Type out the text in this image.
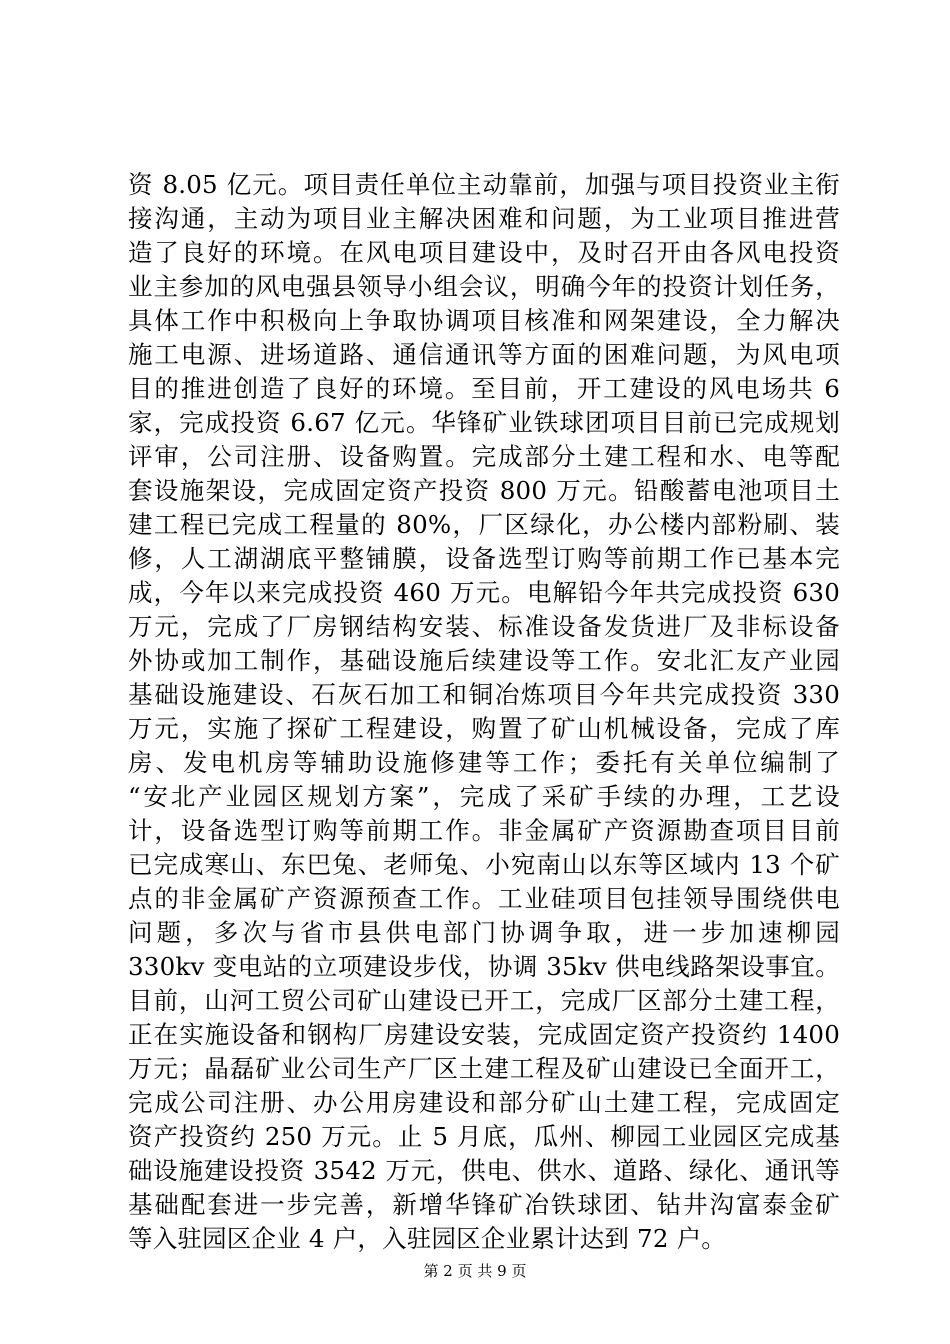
资 8.05 亿元。项目责任单位主动靠前，加强与项目投资业主衔
接沟通，主动为项目业主解决困难和问题，为工业项目推进营
造了良好的环境。在风电项目建设中，及时召开由各风电投资
业主参加的风电强县领导小组会议，明确今年的投资计划任务，
具体工作中积极向上争取协调项目核准和网架建设，全力解决
施工电源、进场道路、通信通讯等方面的困难问题，为风电项
目的推进创造了良好的环境。至目前，开工建设的风电场共 6
家，完成投资 6.67 亿元。华锋矿业铁球团项目目前已完成规划
评审，公司注册、设备购置。完成部分土建工程和水、电等配
套设施架设，完成固定资产投资 800 万元。铅酸蓄电池项目土
建工程已完成工程量的 80%，厂区绿化，办公楼内部粉刷、装
修，人工湖湖底平整铺膜，设备选型订购等前期工作已基本完
成，今年以来完成投资 460 万元。电解铅今年共完成投资 630
万元，完成了厂房钢结构安装、标准设备发货进厂及非标设备
外协或加工制作，基础设施后续建设等工作。安北汇友产业园
基础设施建设、石灰石加工和铜冶炼项目今年共完成投资 330
万元，实施了探矿工程建设，购置了矿山机械设备，完成了库
房、发电机房等辅助设施修建等工作；委托有关单位编制了
“安北产业园区规划方案”，完成了采矿手续的办理，工艺设
计，设备选型订购等前期工作。非金属矿产资源勘查项目目前
已完成寒山、东巴兔、老师兔、小宛南山以东等区域内 13 个矿
点的非金属矿产资源预查工作。工业硅项目包挂领导围绕供电
问题，多次与省市县供电部门协调争取，进一步加速柳园
330kv 变电站的立项建设步伐，协调 35kv 供电线路架设事宜。
目前，山河工贸公司矿山建设已开工，完成厂区部分土建工程，
正在实施设备和钢构厂房建设安装，完成固定资产投资约 1400
万元；晶磊矿业公司生产厂区土建工程及矿山建设已全面开工，
完成公司注册、办公用房建设和部分矿山土建工程，完成固定
资产投资约 250 万元。止 5 月底，瓜州、柳园工业园区完成基
础设施建设投资 3542 万元，供电、供水、道路、绿化、通讯等
基础配套进一步完善，新增华锋矿冶铁球团、钻井沟富泰金矿
等入驻园区企业 4 户，入驻园区企业累计达到 72 户。
第 2 页 共 9 页
